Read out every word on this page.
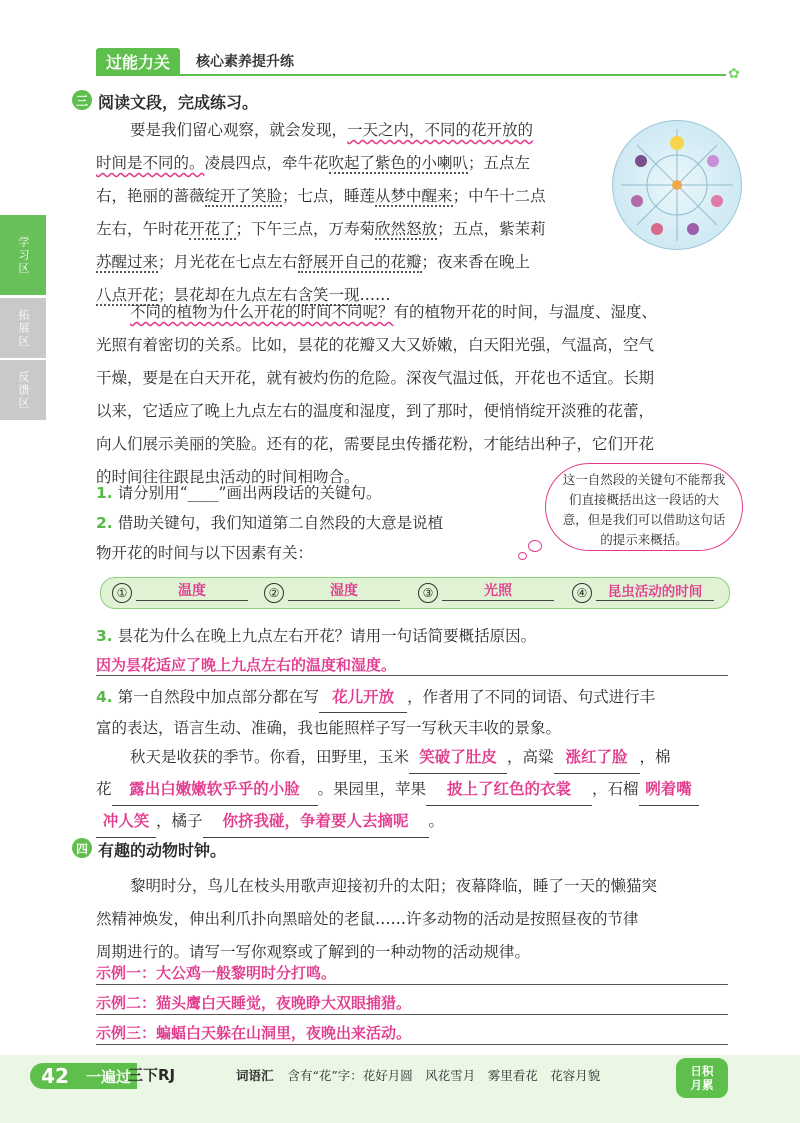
过能力关	核心素养提升练
✿
学习区
拓展区
反馈区
三 阅读文段，完成练习。
要是我们留心观察，就会发现，一天之内，不同的花开放的
时间是不同的。凌晨四点，牵牛花吹起了紫色的小喇叭；五点左
右，艳丽的蔷薇绽开了笑脸；七点，睡莲从梦中醒来；中午十二点
左右，午时花开花了；下午三点，万寿菊欣然怒放；五点，紫茉莉
苏醒过来；月光花在七点左右舒展开自己的花瓣；夜来香在晚上
八点开花；昙花却在九点左右含笑一现……
不同的植物为什么开花的时间不同呢？有的植物开花的时间，与温度、湿度、
光照有着密切的关系。比如，昙花的花瓣又大又娇嫩，白天阳光强，气温高，空气
干燥，要是在白天开花，就有被灼伤的危险。深夜气温过低，开花也不适宜。长期
以来，它适应了晚上九点左右的温度和湿度，到了那时，便悄悄绽开淡雅的花蕾，
向人们展示美丽的笑脸。还有的花，需要昆虫传播花粉，才能结出种子，它们开花
的时间往往跟昆虫活动的时间相吻合。
1. 请分别用“____”画出两段话的关键句。
2. 借助关键句，我们知道第二自然段的大意是说植
物开花的时间与以下因素有关：
这一自然段的关键句不能帮我们直接概括出这一段话的大意，但是我们可以借助这句话的提示来概括。
①	温度	②	湿度	③	光照	④	昆虫活动的时间
3. 昙花为什么在晚上九点左右开花？请用一句话简要概括原因。
因为昙花适应了晚上九点左右的温度和湿度。
4. 第一自然段中加点部分都在写 花儿开放 ，作者用了不同的词语、句式进行丰
富的表达，语言生动、准确，我也能照样子写一写秋天丰收的景象。
秋天是收获的季节。你看，田野里，玉米 笑破了肚皮 ，高粱 涨红了脸 ，棉
花 露出白嫩嫩软乎乎的小脸 。果园里，苹果 披上了红色的衣裳 ，石榴 咧着嘴
冲人笑 ，橘子 你挤我碰，争着要人去摘呢 。
四 有趣的动物时钟。
黎明时分，鸟儿在枝头用歌声迎接初升的太阳；夜幕降临，睡了一天的懒猫突
然精神焕发，伸出利爪扑向黑暗处的老鼠……许多动物的活动是按照昼夜的节律
周期进行的。请写一写你观察或了解到的一种动物的活动规律。
示例一：大公鸡一般黎明时分打鸣。
示例二：猫头鹰白天睡觉，夜晚睁大双眼捕猎。
示例三：蝙蝠白天躲在山洞里，夜晚出来活动。
42	一遍过
三下RJ	词语汇 含有“花”字：花好月圆　风花雪月　雾里看花　花容月貌	日积
月累
